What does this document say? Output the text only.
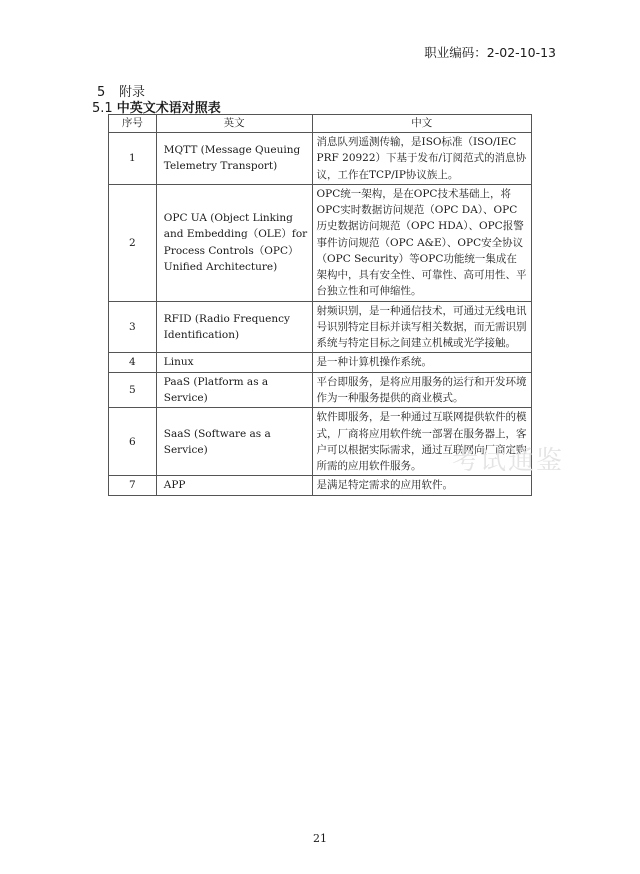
职业编码：2-02-10-13
5 附录
5.1 中英文术语对照表
序号	英文	中文
1	MQTT (Message Queuing Telemetry Transport)	消息队列遥测传输，是ISO标准（ISO/IEC PRF 20922）下基于发布/订阅范式的消息协议，工作在TCP/IP协议族上。
2	OPC UA (Object Linking and Embedding（OLE）for Process Controls（OPC）Unified Architecture)	OPC统一架构，是在OPC技术基础上，将OPC实时数据访问规范（OPC DA）、OPC历史数据访问规范（OPC HDA）、OPC报警事件访问规范（OPC A&E）、OPC安全协议（OPC Security）等OPC功能统一集成在架构中，具有安全性、可靠性、高可用性、平台独立性和可伸缩性。
3	RFID (Radio Frequency Identification)	射频识别，是一种通信技术，可通过无线电讯号识别特定目标并读写相关数据，而无需识别系统与特定目标之间建立机械或光学接触。
4	Linux	是一种计算机操作系统。
5	PaaS (Platform as a Service)	平台即服务，是将应用服务的运行和开发环境作为一种服务提供的商业模式。
6	SaaS (Software as a Service)	软件即服务，是一种通过互联网提供软件的模式，厂商将应用软件统一部署在服务器上，客户可以根据实际需求，通过互联网向厂商定购所需的应用软件服务。
7	APP	是满足特定需求的应用软件。
考试通鉴
21
